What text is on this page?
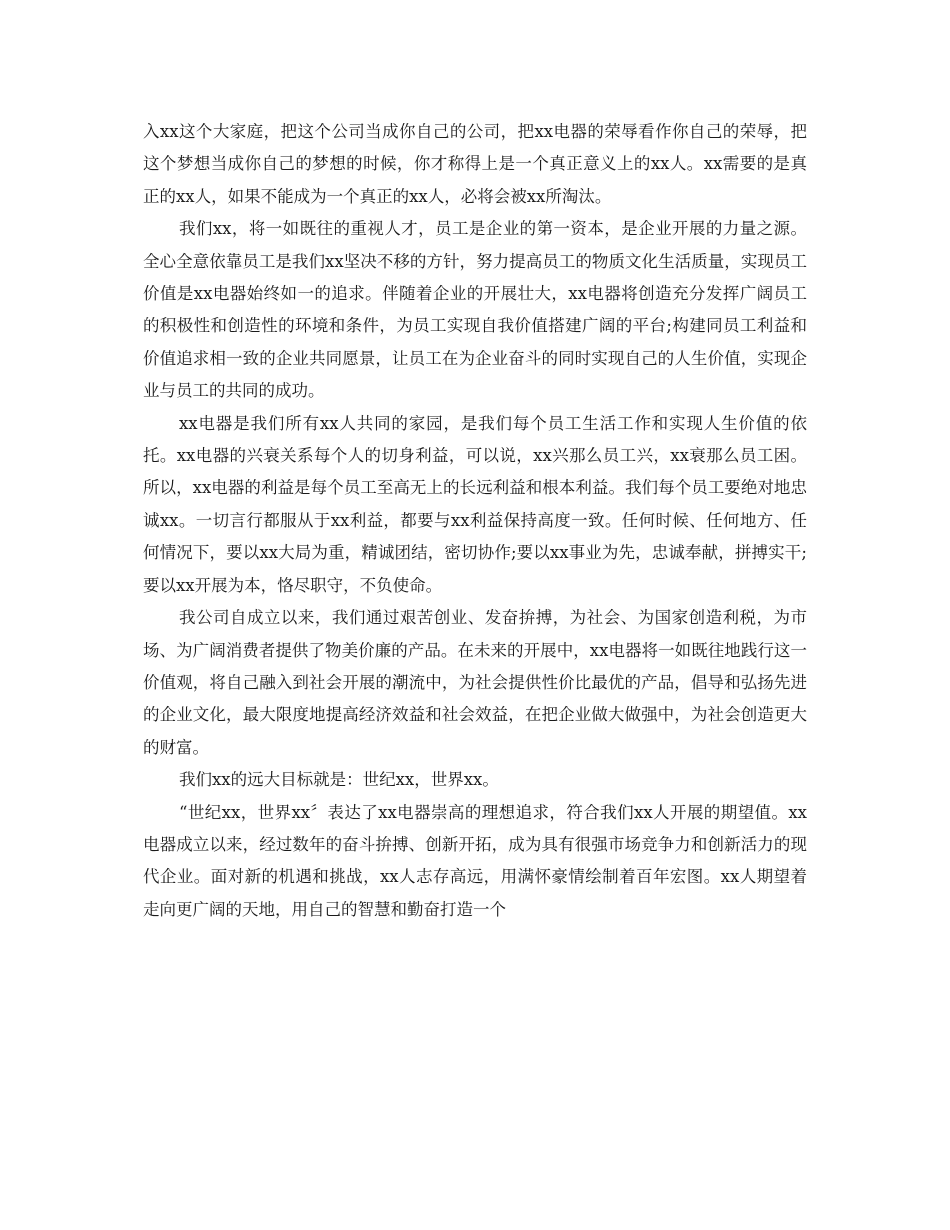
入xx这个大家庭，把这个公司当成你自己的公司，把xx电器的荣辱看作你自己的荣辱，把这个梦想当成你自己的梦想的时候，你才称得上是一个真正意义上的xx人。xx需要的是真正的xx人，如果不能成为一个真正的xx人，必将会被xx所淘汰。

我们xx，将一如既往的重视人才，员工是企业的第一资本，是企业开展的力量之源。全心全意依靠员工是我们xx坚决不移的方针，努力提高员工的物质文化生活质量，实现员工价值是xx电器始终如一的追求。伴随着企业的开展壮大，xx电器将创造充分发挥广阔员工的积极性和创造性的环境和条件，为员工实现自我价值搭建广阔的平台;构建同员工利益和价值追求相一致的企业共同愿景，让员工在为企业奋斗的同时实现自己的人生价值，实现企业与员工的共同的成功。

xx电器是我们所有xx人共同的家园，是我们每个员工生活工作和实现人生价值的依托。xx电器的兴衰关系每个人的切身利益，可以说，xx兴那么员工兴，xx衰那么员工困。所以，xx电器的利益是每个员工至高无上的长远利益和根本利益。我们每个员工要绝对地忠诚xx。一切言行都服从于xx利益，都要与xx利益保持高度一致。任何时候、任何地方、任何情况下，要以xx大局为重，精诚团结，密切协作;要以xx事业为先，忠诚奉献，拼搏实干;要以xx开展为本，恪尽职守，不负使命。

我公司自成立以来，我们通过艰苦创业、发奋拚搏，为社会、为国家创造利税，为市场、为广阔消费者提供了物美价廉的产品。在未来的开展中，xx电器将一如既往地践行这一价值观，将自己融入到社会开展的潮流中，为社会提供性价比最优的产品，倡导和弘扬先进的企业文化，最大限度地提高经济效益和社会效益，在把企业做大做强中，为社会创造更大的财富。

我们xx的远大目标就是：世纪xx，世界xx。

“世纪xx，世界xx〞表达了xx电器崇高的理想追求，符合我们xx人开展的期望值。xx电器成立以来，经过数年的奋斗拚搏、创新开拓，成为具有很强市场竞争力和创新活力的现代企业。面对新的机遇和挑战，xx人志存高远，用满怀豪情绘制着百年宏图。xx人期望着走向更广阔的天地，用自己的智慧和勤奋打造一个
